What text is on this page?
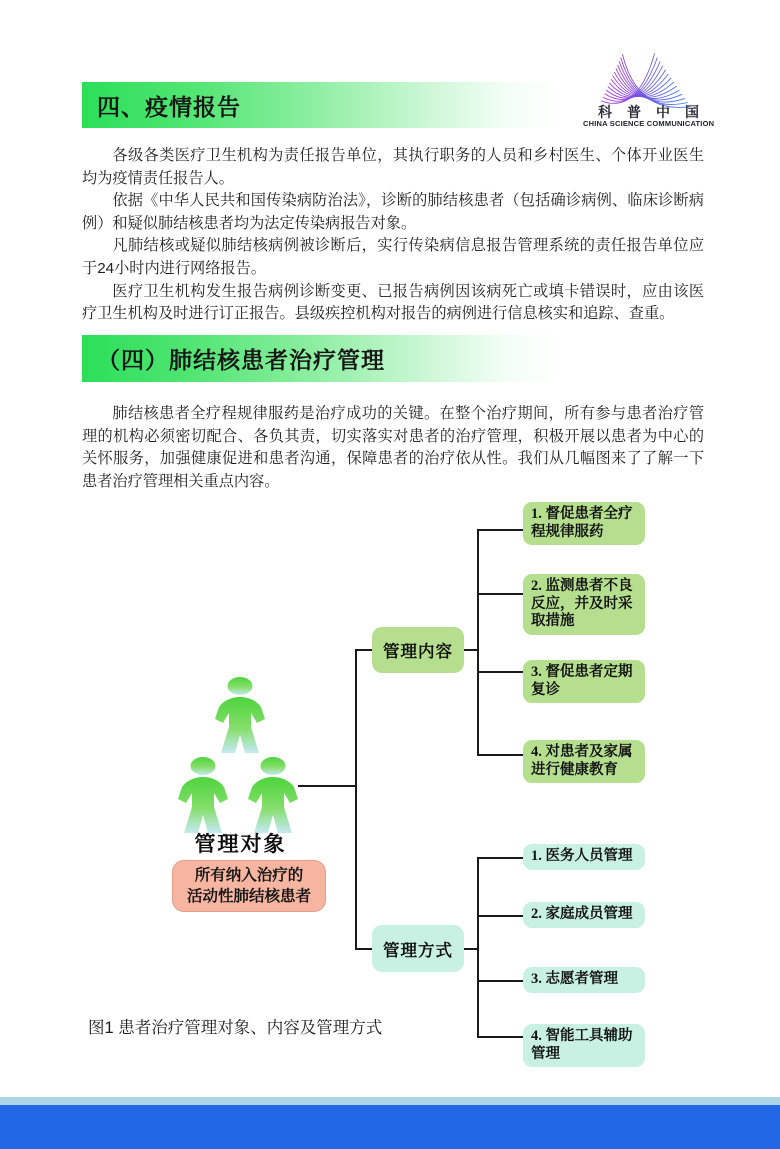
科普中国
CHINA SCIENCE COMMUNICATION
四、疫情报告

各级各类医疗卫生机构为责任报告单位，其执行职务的人员和乡村医生、个体开业医生均为疫情责任报告人。

依据《中华人民共和国传染病防治法》，诊断的肺结核患者（包括确诊病例、临床诊断病例）和疑似肺结核患者均为法定传染病报告对象。

凡肺结核或疑似肺结核病例被诊断后，实行传染病信息报告管理系统的责任报告单位应于24小时内进行网络报告。

医疗卫生机构发生报告病例诊断变更、已报告病例因该病死亡或填卡错误时，应由该医疗卫生机构及时进行订正报告。县级疾控机构对报告的病例进行信息核实和追踪、查重。

（四）肺结核患者治疗管理

肺结核患者全疗程规律服药是治疗成功的关键。在整个治疗期间，所有参与患者治疗管理的机构必须密切配合、各负其责，切实落实对患者的治疗管理，积极开展以患者为中心的关怀服务，加强健康促进和患者沟通，保障患者的治疗依从性。我们从几幅图来了了解一下患者治疗管理相关重点内容。

管理对象
所有纳入治疗的
活动性肺结核患者
管理内容
管理方式
1. 督促患者全疗程规律服药
2. 监测患者不良反应，并及时采取措施
3. 督促患者定期复诊
4. 对患者及家属进行健康教育
1. 医务人员管理
2. 家庭成员管理
3. 志愿者管理
4. 智能工具辅助管理
图1 患者治疗管理对象、内容及管理方式
